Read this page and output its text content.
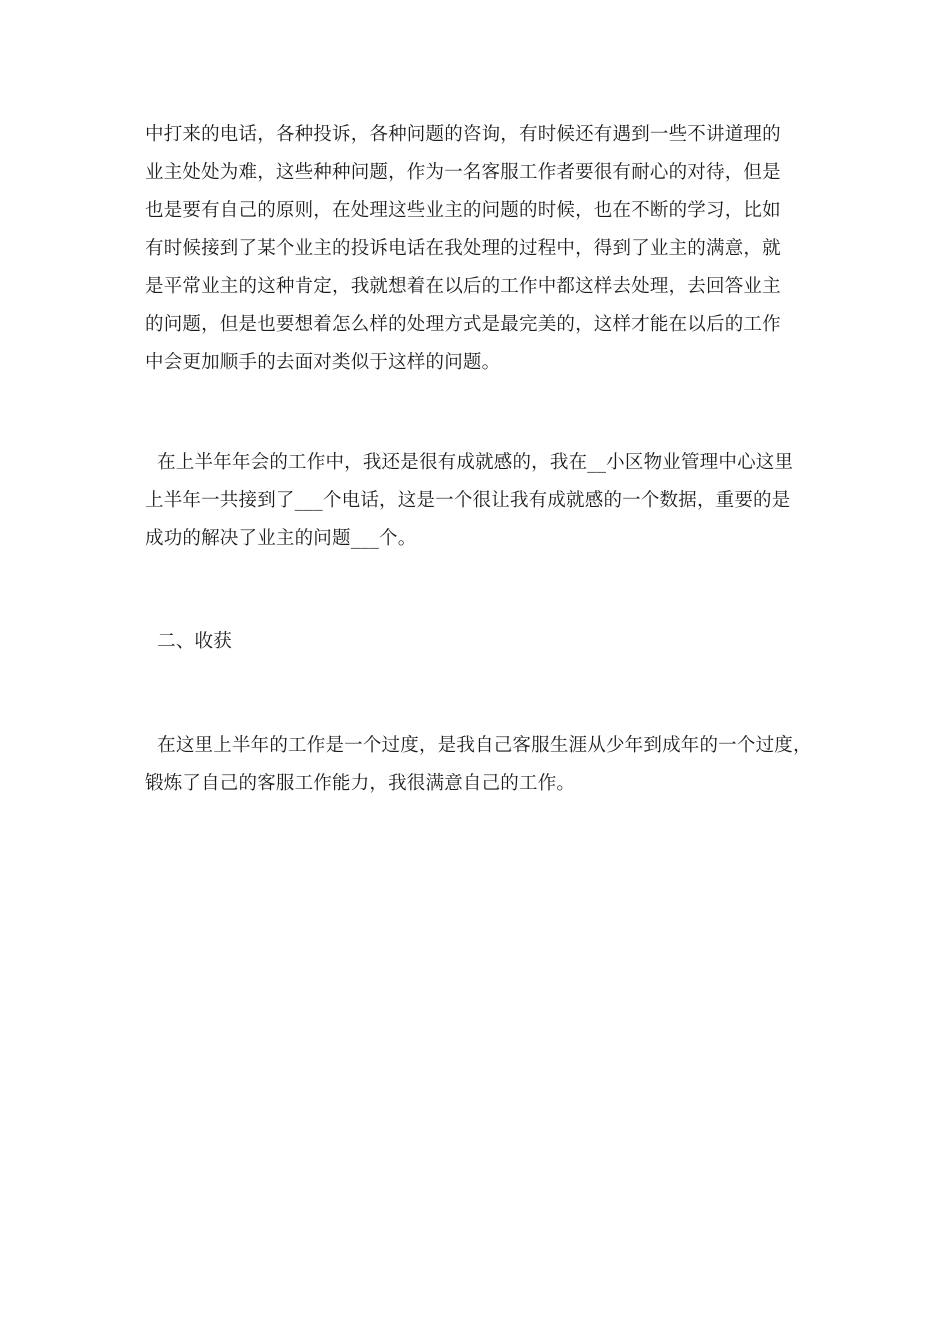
中打来的电话，各种投诉，各种问题的咨询，有时候还有遇到一些不讲道理的
业主处处为难，这些种种问题，作为一名客服工作者要很有耐心的对待，但是
也是要有自己的原则，在处理这些业主的问题的时候，也在不断的学习，比如
有时候接到了某个业主的投诉电话在我处理的过程中，得到了业主的满意，就
是平常业主的这种肯定，我就想着在以后的工作中都这样去处理，去回答业主
的问题，但是也要想着怎么样的处理方式是最完美的，这样才能在以后的工作
中会更加顺手的去面对类似于这样的问题。
在上半年年会的工作中，我还是很有成就感的，我在__小区物业管理中心这里
上半年一共接到了___个电话，这是一个很让我有成就感的一个数据，重要的是
成功的解决了业主的问题___个。
二、收获
在这里上半年的工作是一个过度，是我自己客服生涯从少年到成年的一个过度，
锻炼了自己的客服工作能力，我很满意自己的工作。
